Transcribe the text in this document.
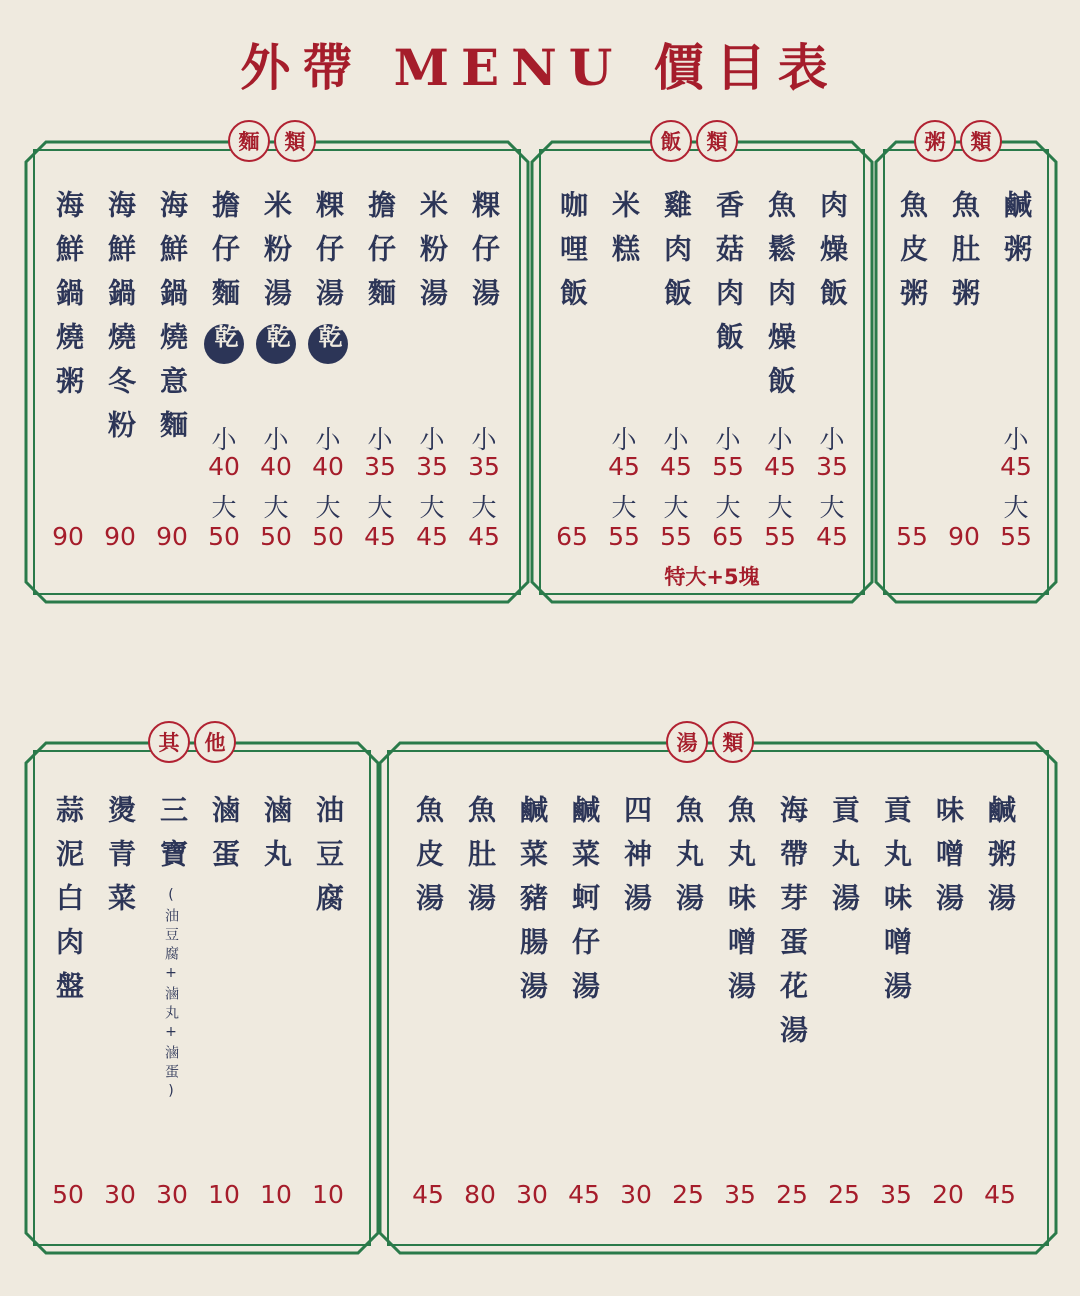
外帶 MENU 價目表
麵	類
海鮮鍋燒粥
90
海鮮鍋燒冬粉
90
海鮮鍋燒意麵
90
擔仔麵乾
小
40
大
50
米粉湯乾
小
40
大
50
粿仔湯乾
小
40
大
50
擔仔麵
小
35
大
45
米粉湯
小
35
大
45
粿仔湯
小
35
大
45
飯	類
咖哩飯
65
米糕
小
45
大
55
雞肉飯
小
45
大
55
香菇肉飯
小
55
大
65
魚鬆肉燥飯
小
45
大
55
肉燥飯
小
35
大
45
粥	類
魚皮粥
55
魚肚粥
90
鹹粥
小
45
大
55
其	他
蒜泥白肉盤
50
燙青菜
30
三寶
(油豆腐+滷丸+滷蛋)
30
滷蛋
10
滷丸
10
油豆腐
10
湯	類
魚皮湯
45
魚肚湯
80
鹹菜豬腸湯
30
鹹菜蚵仔湯
45
四神湯
30
魚丸湯
25
魚丸味噌湯
35
海帶芽蛋花湯
25
貢丸湯
25
貢丸味噌湯
35
味噌湯
20
鹹粥湯
45
特大+5塊
